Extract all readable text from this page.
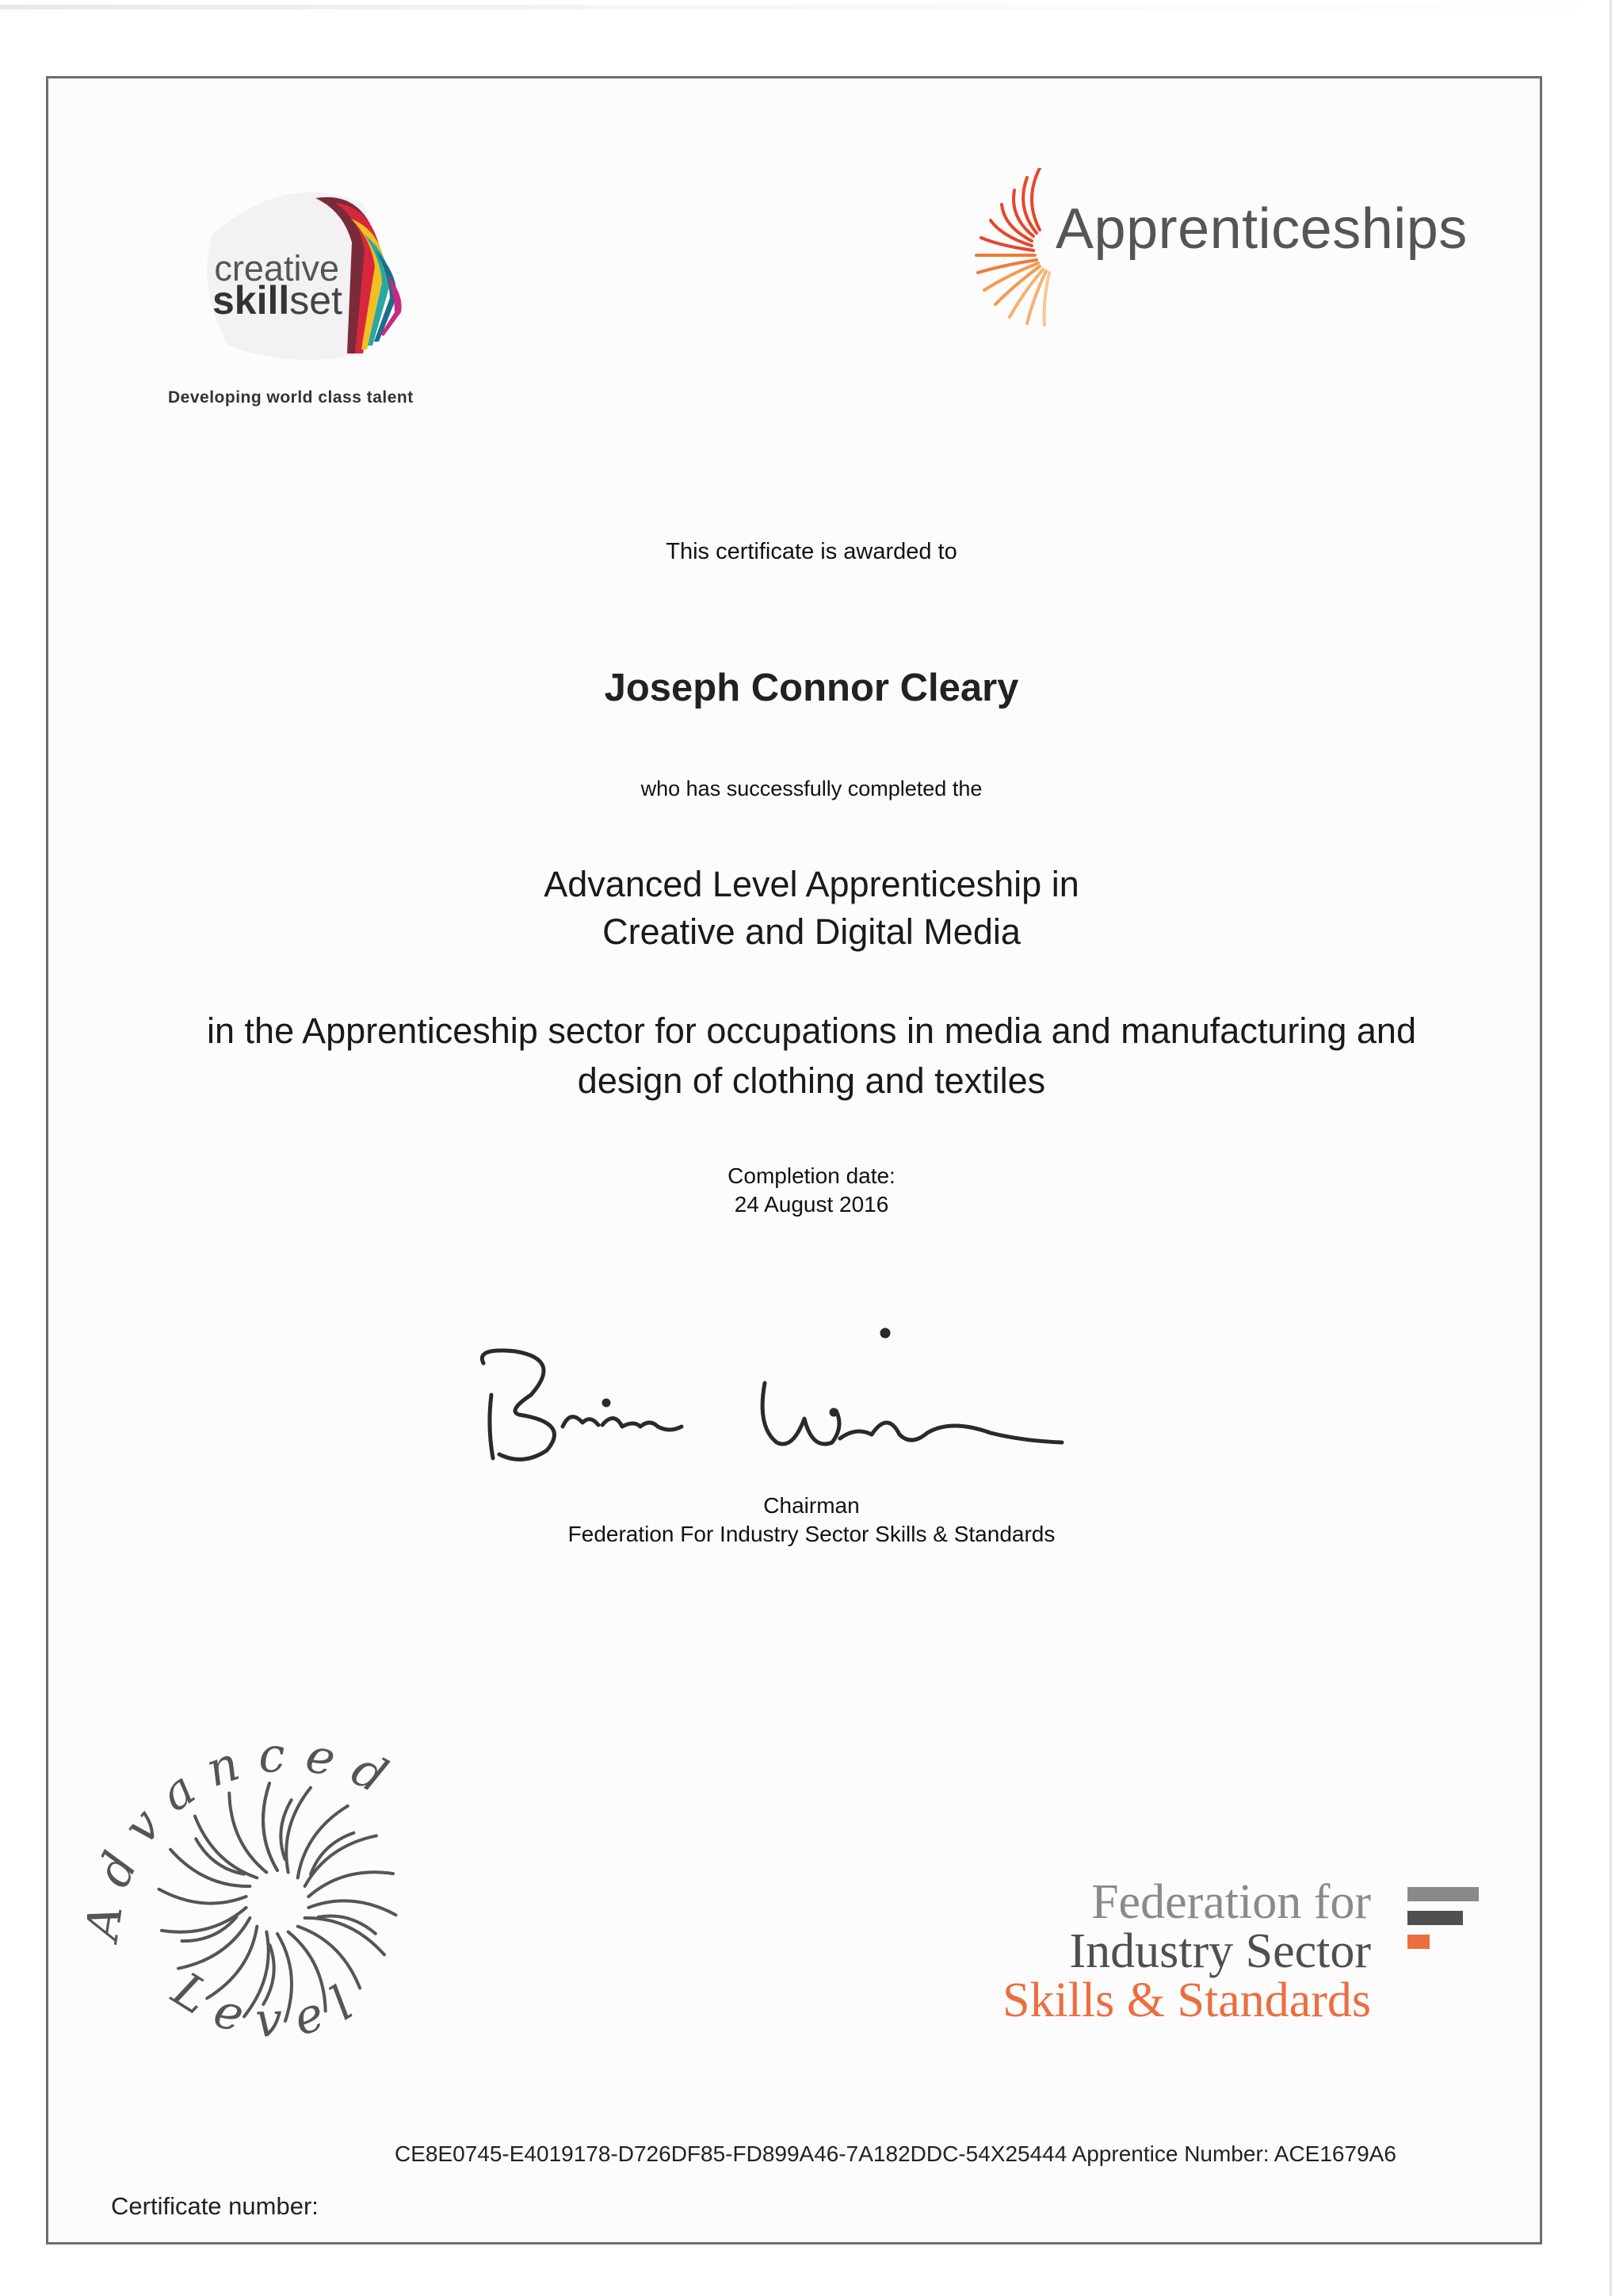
creative
skillset
Developing world class talent
Apprenticeships
This certificate is awarded to
Joseph Connor Cleary
who has successfully completed the
Advanced Level Apprenticeship in
Creative and Digital Media
in the Apprenticeship sector for occupations in media and manufacturing and
design of clothing and textiles
Completion date:
24 August 2016
Chairman
Federation For Industry Sector Skills & Standards
dvanced
Level
Federation for
Industry Sector
Skills & Standards
CE8E0745-E4019178-D726DF85-FD899A46-7A182DDC-54X25444 Apprentice Number: ACE1679A6
Certificate number:
